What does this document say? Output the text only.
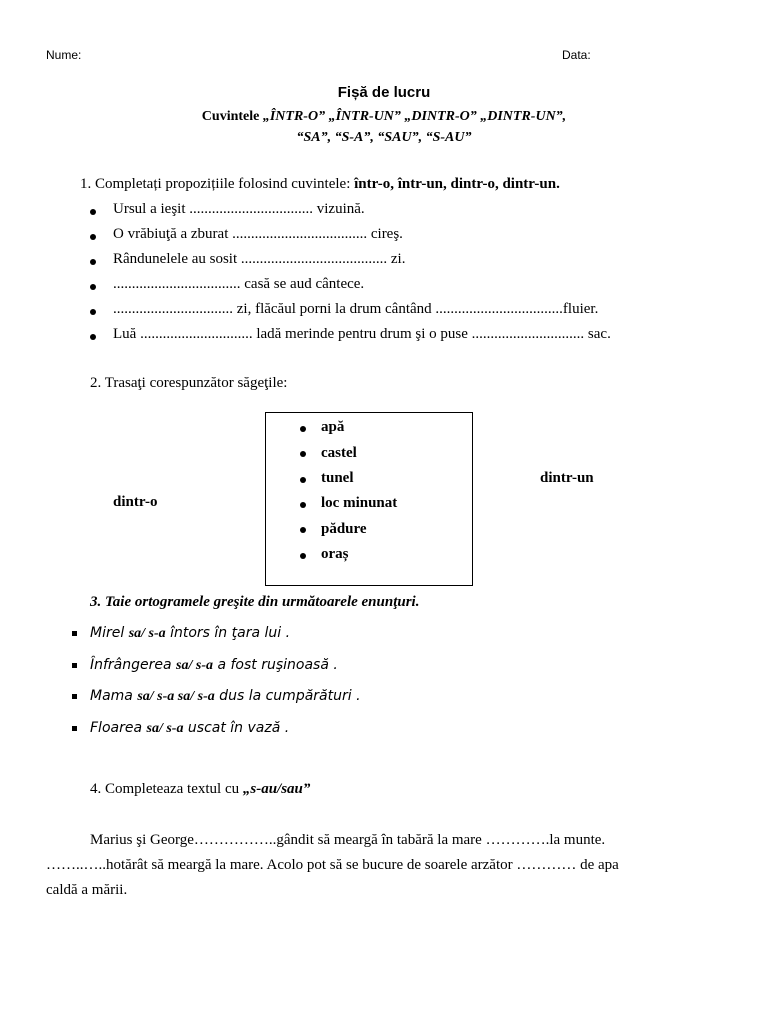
Nume:	Data:
Fișă de lucru
Cuvintele „ÎNTR-O” „ÎNTR-UN” „DINTR-O” „DINTR-UN”,
“SA”, “S-A”, “SAU”, “S-AU”
1. Completați propozițiile folosind cuvintele: într-o, într-un, dintr-o, dintr-un.
Ursul a ieşit ................................. vizuină.
O vrăbiuţă a zburat .................................... cireş.
Rândunelele au sosit ....................................... zi.
.................................. casă se aud cântece.
................................ zi, flăcăul porni la drum cântând ..................................fluier.
Luă .............................. ladă merinde pentru drum şi o puse .............................. sac.
2. Trasaţi corespunzător săgeţile:
apă
castel
tunel
loc minunat
pădure
oraș
dintr-o
dintr-un
3. Taie ortogramele greşite din următoarele enunţuri.
Mirel sa/ s-a întors în ţara lui .
Înfrângerea sa/ s-a a fost ruşinoasă .
Mama sa/ s-a sa/ s-a dus la cumpărături .
Floarea sa/ s-a uscat în vază .
4. Completeaza textul cu „s-au/sau”
Marius şi George……………..gândit să meargă în tabără la mare ………….la munte.
……..…..hotărât să meargă la mare. Acolo pot să se bucure de soarele arzător ………… de apa
caldă a mării.
